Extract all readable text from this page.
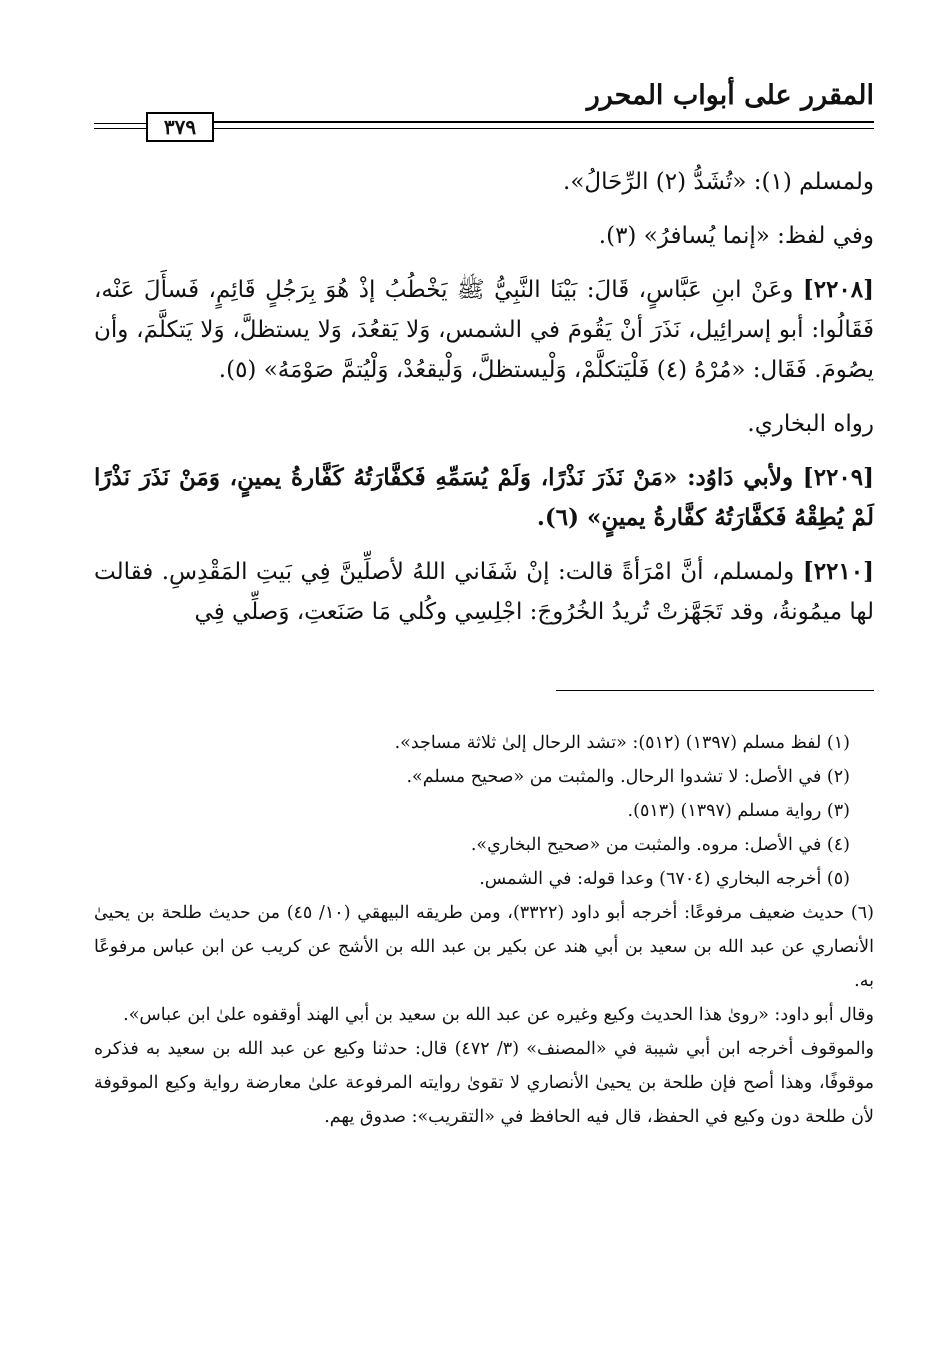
المقرر على أبواب المحرر
٣٧٩

ولمسلم (١): «تُشَدُّ (٢) الرِّحَالُ».

وفي لفظ: «إنما يُسافرُ» (٣).

[٢٢٠٨] وعَنْ ابنِ عَبَّاسٍ، قَالَ: بَيْنَا النَّبِيُّ ﷺ يَخْطُبُ إذْ هُوَ بِرَجُلٍ قَائِمٍ، فَسأَلَ عَنْه، فَقَالُوا: أبو إسرائِيل، نَذَرَ أنْ يَقُومَ في الشمس، وَلا يَقعُدَ، وَلا يستظلَّ، وَلا يَتكلَّمَ، وأن يصُومَ. فَقَال: «مُرْهُ (٤) فَلْيَتكلَّمْ، وَلْيستظلَّ، وَلْيقعُدْ، وَلْيُتمَّ صَوْمَهُ» (٥).

رواه البخاري.

[٢٢٠٩] ولأبي دَاوُد: «مَنْ نَذَرَ نَذْرًا، وَلَمْ يُسَمِّهِ فَكفَّارَتُهُ كَفَّارةُ يمينٍ، وَمَنْ نَذَرَ نَذْرًا لَمْ يُطِقْهُ فَكفَّارَتُهُ كفَّارةُ يمينٍ» (٦).

[٢٢١٠] ولمسلم، أنَّ امْرَأةً قالت: إنْ شَفَاني اللهُ لأصلِّينَّ فِي بَيتِ المَقْدِسِ. فقالت لها ميمُونةُ، وقد تَجَهَّزتْ تُريدُ الخُرُوجَ: اجْلِسِي وكُلي مَا صَنَعتِ، وَصلِّي فِي

(١) لفظ مسلم (١٣٩٧) (٥١٢): «تشد الرحال إلىٰ ثلاثة مساجد».

(٢) في الأصل: لا تشدوا الرحال. والمثبت من «صحيح مسلم».

(٣) رواية مسلم (١٣٩٧) (٥١٣).

(٤) في الأصل: مروه. والمثبت من «صحيح البخاري».

(٥) أخرجه البخاري (٦٧٠٤) وعدا قوله: في الشمس.

(٦) حديث ضعيف مرفوعًا: أخرجه أبو داود (٣٣٢٢)، ومن طريقه البيهقي (١٠/ ٤٥) من حديث طلحة بن يحيىٰ الأنصاري عن عبد الله بن سعيد بن أبي هند عن بكير بن عبد الله بن الأشج عن كريب عن ابن عباس مرفوعًا به.

وقال أبو داود: «روىٰ هذا الحديث وكيع وغيره عن عبد الله بن سعيد بن أبي الهند أوقفوه علىٰ ابن عباس».

والموقوف أخرجه ابن أبي شيبة في «المصنف» (٣/ ٤٧٢) قال: حدثنا وكيع عن عبد الله بن سعيد به فذكره موقوفًا، وهذا أصح فإن طلحة بن يحيىٰ الأنصاري لا تقوىٰ روايته المرفوعة علىٰ معارضة رواية وكيع الموقوفة لأن طلحة دون وكيع في الحفظ، قال فيه الحافظ في «التقريب»: صدوق يهم.
